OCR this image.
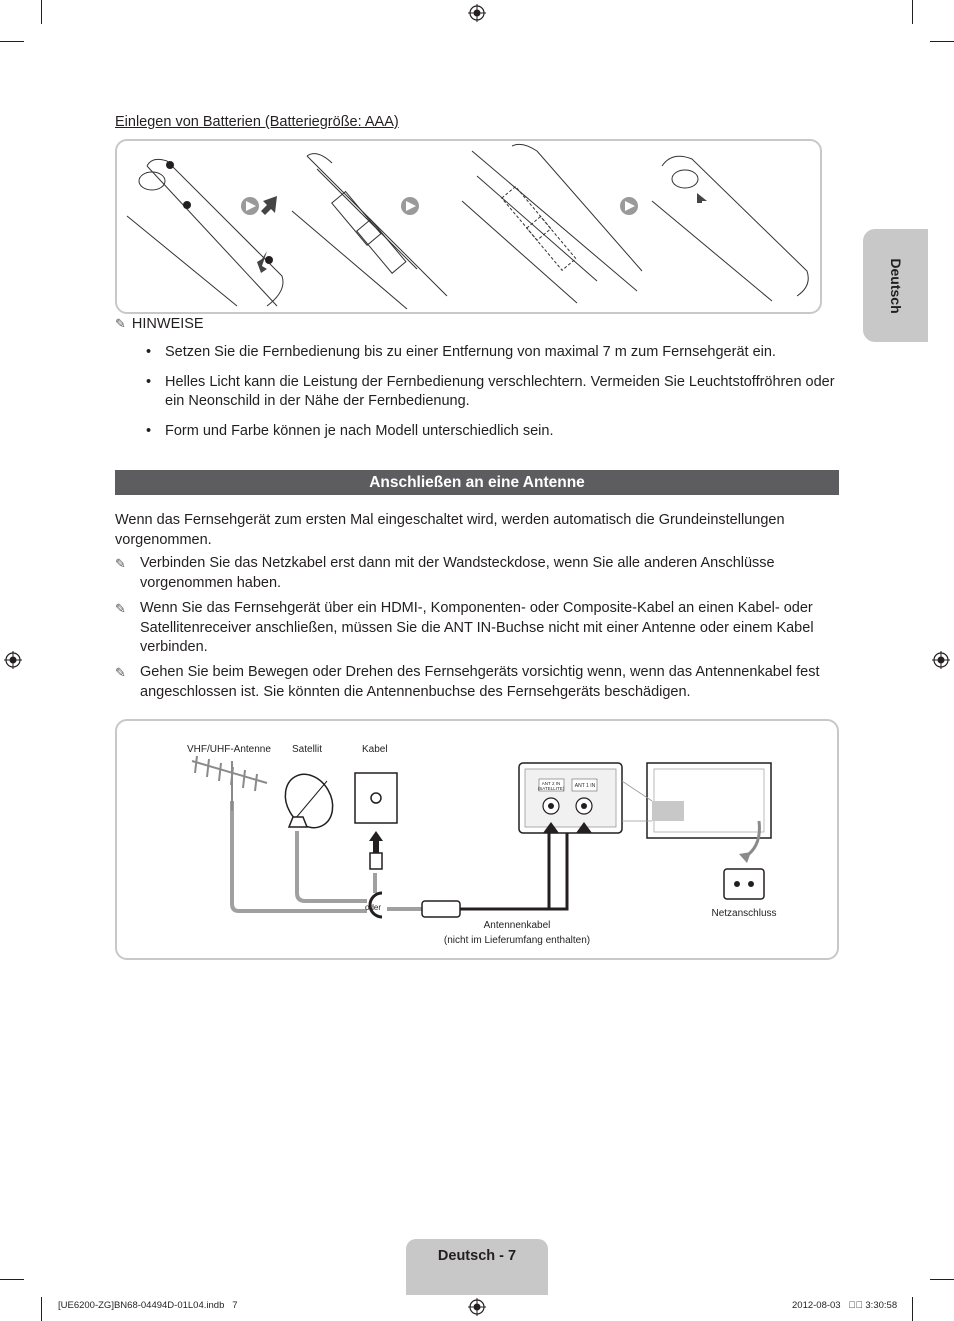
Deutsch
Einlegen von Batterien (Batteriegröße: AAA)
✎ HINWEISE
• Setzen Sie die Fernbedienung bis zu einer Entfernung von maximal 7 m zum Fernsehgerät ein.
• Helles Licht kann die Leistung der Fernbedienung verschlechtern. Vermeiden Sie Leuchtstoffröhren oder ein Neonschild in der Nähe der Fernbedienung.
• Form und Farbe können je nach Modell unterschiedlich sein.
Anschließen an eine Antenne
Wenn das Fernsehgerät zum ersten Mal eingeschaltet wird, werden automatisch die Grundeinstellungen vorgenommen.
✎ Verbinden Sie das Netzkabel erst dann mit der Wandsteckdose, wenn Sie alle anderen Anschlüsse vorgenommen haben.
✎ Wenn Sie das Fernsehgerät über ein HDMI-, Komponenten- oder Composite-Kabel an einen Kabel- oder Satellitenreceiver anschließen, müssen Sie die ANT IN-Buchse nicht mit einer Antenne oder einem Kabel verbinden.
✎ Gehen Sie beim Bewegen oder Drehen des Fernsehgeräts vorsichtig wenn, wenn das Antennenkabel fest angeschlossen ist. Sie könnten die Antennenbuchse des Fernsehgeräts beschädigen.
VHF/UHF-Antenne Satellit	Kabel
oder
ANT 2 IN (SATELLITE)	ANT 1 IN
Antennenkabel
(nicht im Lieferumfang enthalten)
Netzanschluss
Deutsch - 7
[UE6200-ZG]BN68-04494D-01L04.indb   7	2012-08-03   ￿￿ 3:30:58
